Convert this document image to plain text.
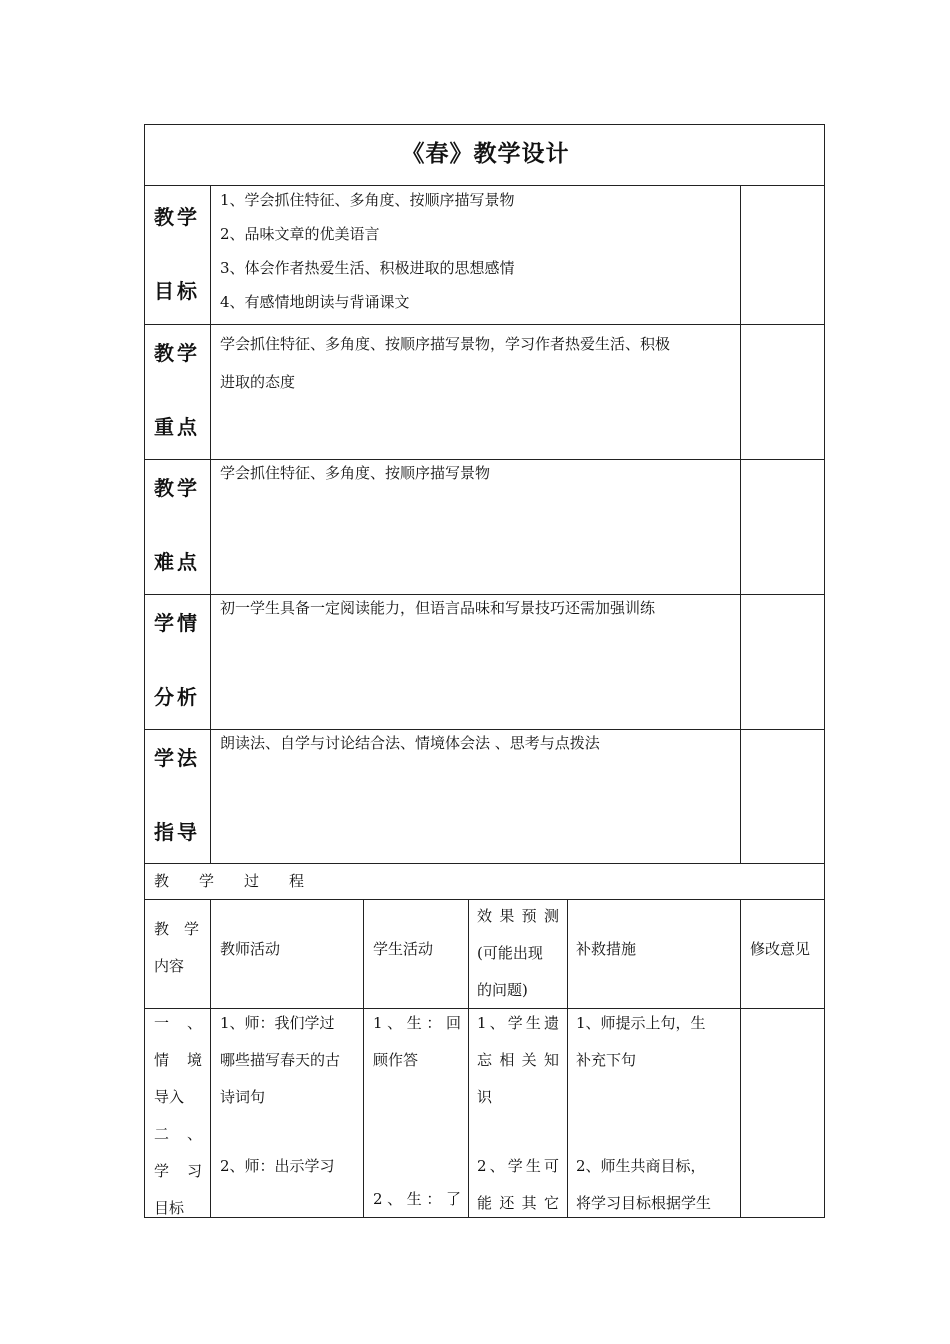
《春》教学设计
教 学
目 标

1、学会抓住特征、多角度、按顺序描写景物

2、品味文章的优美语言

3、体会作者热爱生活、积极进取的思想感情

4、有感情地朗读与背诵课文

教 学
重 点

学会抓住特征、多角度、按顺序描写景物，学习作者热爱生活、积极

进取的态度

教 学
难 点

学会抓住特征、多角度、按顺序描写景物

学 情
分 析

初一学生具备一定阅读能力，但语言品味和写景技巧还需加强训练

学 法
指 导

朗读法、自学与讨论结合法、情境体会法 、思考与点拨法

教　　学　　过　　程

教　学

内容

教师活动	学生活动

效果预测

(可能出现

的问题)

补救措施	修改意见

一　、

情　境

导入

二　、

学　习

目标

1、师：我们学过

哪些描写春天的古

诗词句

2、师：出示学习

1、生：回

顾作答

2、生：了

1、学生遗

忘相关知

识

2、学生可

能还其它

1、师提示上句，生

补充下句

2、师生共商目标，

将学习目标根据学生
